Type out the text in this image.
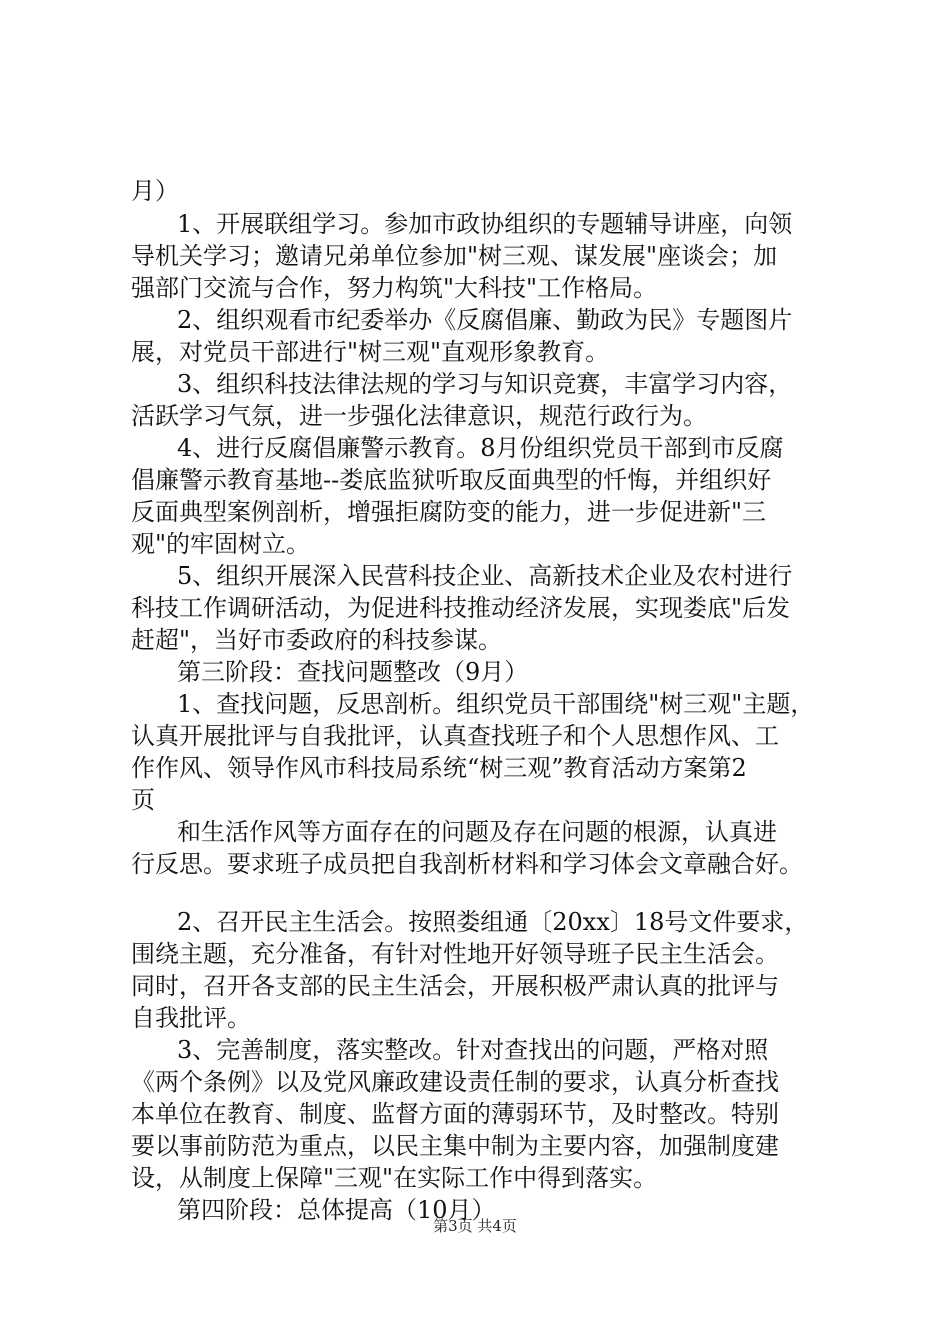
月）
1、开展联组学习。参加市政协组织的专题辅导讲座，向领
导机关学习；邀请兄弟单位参加"树三观、谋发展"座谈会；加
强部门交流与合作，努力构筑"大科技"工作格局。
2、组织观看市纪委举办《反腐倡廉、勤政为民》专题图片
展，对党员干部进行"树三观"直观形象教育。
3、组织科技法律法规的学习与知识竞赛，丰富学习内容，
活跃学习气氛，进一步强化法律意识，规范行政行为。
4、进行反腐倡廉警示教育。8月份组织党员干部到市反腐
倡廉警示教育基地--娄底监狱听取反面典型的忏悔，并组织好
反面典型案例剖析，增强拒腐防变的能力，进一步促进新"三
观"的牢固树立。
5、组织开展深入民营科技企业、高新技术企业及农村进行
科技工作调研活动，为促进科技推动经济发展，实现娄底"后发
赶超"，当好市委政府的科技参谋。
第三阶段：查找问题整改（9月）
1、查找问题，反思剖析。组织党员干部围绕"树三观"主题，
认真开展批评与自我批评，认真查找班子和个人思想作风、工
作作风、领导作风市科技局系统“树三观”教育活动方案第2
页
和生活作风等方面存在的问题及存在问题的根源，认真进
行反思。要求班子成员把自我剖析材料和学习体会文章融合好。
2、召开民主生活会。按照娄组通〔20xx〕18号文件要求，
围绕主题，充分准备，有针对性地开好领导班子民主生活会。
同时，召开各支部的民主生活会，开展积极严肃认真的批评与
自我批评。
3、完善制度，落实整改。针对查找出的问题，严格对照
《两个条例》以及党风廉政建设责任制的要求，认真分析查找
本单位在教育、制度、监督方面的薄弱环节，及时整改。特别
要以事前防范为重点，以民主集中制为主要内容，加强制度建
设，从制度上保障"三观"在实际工作中得到落实。
第四阶段：总体提高（10月）
第3页 共4页
